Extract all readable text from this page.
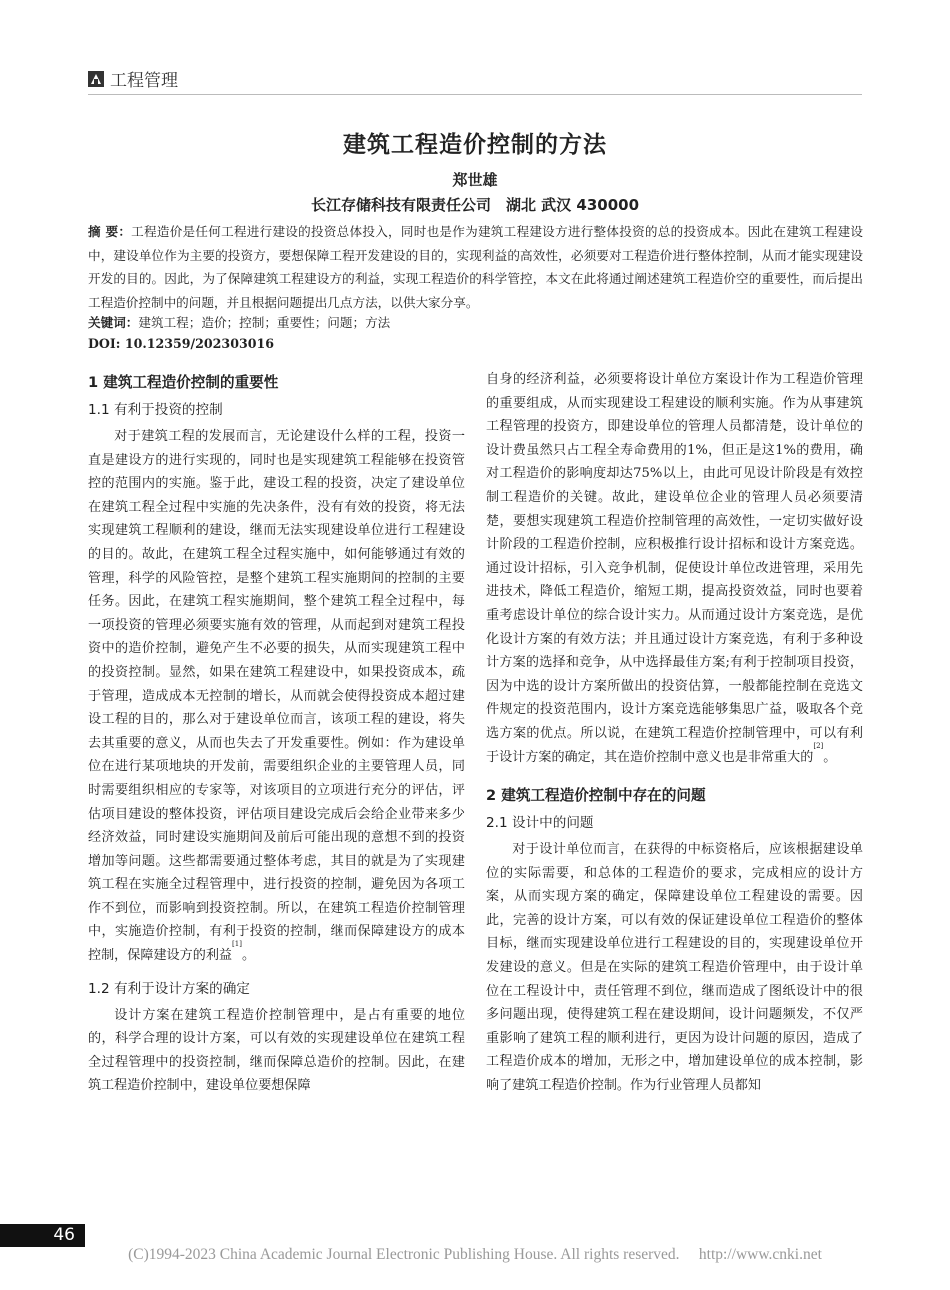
工程管理
建筑工程造价控制的方法
郑世雄
长江存储科技有限责任公司　湖北 武汉 430000
摘 要：工程造价是任何工程进行建设的投资总体投入，同时也是作为建筑工程建设方进行整体投资的总的投资成本。因此在建筑工程建设中，建设单位作为主要的投资方，要想保障工程开发建设的目的，实现利益的高效性，必须要对工程造价进行整体控制，从而才能实现建设开发的目的。因此，为了保障建筑工程建设方的利益，实现工程造价的科学管控，本文在此将通过阐述建筑工程造价空的重要性，而后提出工程造价控制中的问题，并且根据问题提出几点方法，以供大家分享。
关键词：建筑工程；造价；控制；重要性；问题；方法
DOI: 10.12359/202303016
1 建筑工程造价控制的重要性
1.1 有利于投资的控制

对于建筑工程的发展而言，无论建设什么样的工程，投资一直是建设方的进行实现的，同时也是实现建筑工程能够在投资管控的范围内的实施。鉴于此，建设工程的投资，决定了建设单位在建筑工程全过程中实施的先决条件，没有有效的投资，将无法实现建筑工程顺利的建设，继而无法实现建设单位进行工程建设的目的。故此，在建筑工程全过程实施中，如何能够通过有效的管理，科学的风险管控，是整个建筑工程实施期间的控制的主要任务。因此，在建筑工程实施期间，整个建筑工程全过程中，每一项投资的管理必须要实施有效的管理，从而起到对建筑工程投资中的造价控制，避免产生不必要的损失，从而实现建筑工程中的投资控制。显然，如果在建筑工程建设中，如果投资成本，疏于管理，造成成本无控制的增长，从而就会使得投资成本超过建设工程的目的，那么对于建设单位而言，该项工程的建设，将失去其重要的意义，从而也失去了开发重要性。例如：作为建设单位在进行某项地块的开发前，需要组织企业的主要管理人员，同时需要组织相应的专家等，对该项目的立项进行充分的评估，评估项目建设的整体投资，评估项目建设完成后会给企业带来多少经济效益，同时建设实施期间及前后可能出现的意想不到的投资增加等问题。这些都需要通过整体考虑，其目的就是为了实现建筑工程在实施全过程管理中，进行投资的控制，避免因为各项工作不到位，而影响到投资控制。所以，在建筑工程造价控制管理中，实施造价控制，有利于投资的控制，继而保障建设方的成本控制，保障建设方的利益[1]。

1.2 有利于设计方案的确定

设计方案在建筑工程造价控制管理中，是占有重要的地位的，科学合理的设计方案，可以有效的实现建设单位在建筑工程全过程管理中的投资控制，继而保障总造价的控制。因此，在建筑工程造价控制中，建设单位要想保障

自身的经济利益，必须要将设计单位方案设计作为工程造价管理的重要组成，从而实现建设工程建设的顺利实施。作为从事建筑工程管理的投资方，即建设单位的管理人员都清楚，设计单位的设计费虽然只占工程全寿命费用的1%，但正是这1%的费用，确对工程造价的影响度却达75%以上，由此可见设计阶段是有效控制工程造价的关键。故此，建设单位企业的管理人员必须要清楚，要想实现建筑工程造价控制管理的高效性，一定切实做好设计阶段的工程造价控制，应积极推行设计招标和设计方案竞选。通过设计招标，引入竞争机制，促使设计单位改进管理，采用先进技术，降低工程造价，缩短工期，提高投资效益，同时也要着重考虑设计单位的综合设计实力。从而通过设计方案竞选，是优化设计方案的有效方法；并且通过设计方案竞选，有利于多种设计方案的选择和竞争，从中选择最佳方案;有利于控制项目投资，因为中选的设计方案所做出的投资估算，一般都能控制在竞选文件规定的投资范围内，设计方案竞选能够集思广益，吸取各个竞选方案的优点。所以说，在建筑工程造价控制管理中，可以有利于设计方案的确定，其在造价控制中意义也是非常重大的[2]。

2 建筑工程造价控制中存在的问题
2.1 设计中的问题

对于设计单位而言，在获得的中标资格后，应该根据建设单位的实际需要，和总体的工程造价的要求，完成相应的设计方案，从而实现方案的确定，保障建设单位工程建设的需要。因此，完善的设计方案，可以有效的保证建设单位工程造价的整体目标，继而实现建设单位进行工程建设的目的，实现建设单位开发建设的意义。但是在实际的建筑工程造价管理中，由于设计单位在工程设计中，责任管理不到位，继而造成了图纸设计中的很多问题出现，使得建筑工程在建设期间，设计问题频发，不仅严重影响了建筑工程的顺利进行，更因为设计问题的原因，造成了工程造价成本的增加，无形之中，增加建设单位的成本控制，影响了建筑工程造价控制。作为行业管理人员都知

46
(C)1994-2023 China Academic Journal Electronic Publishing House. All rights reserved.　 http://www.cnki.net
